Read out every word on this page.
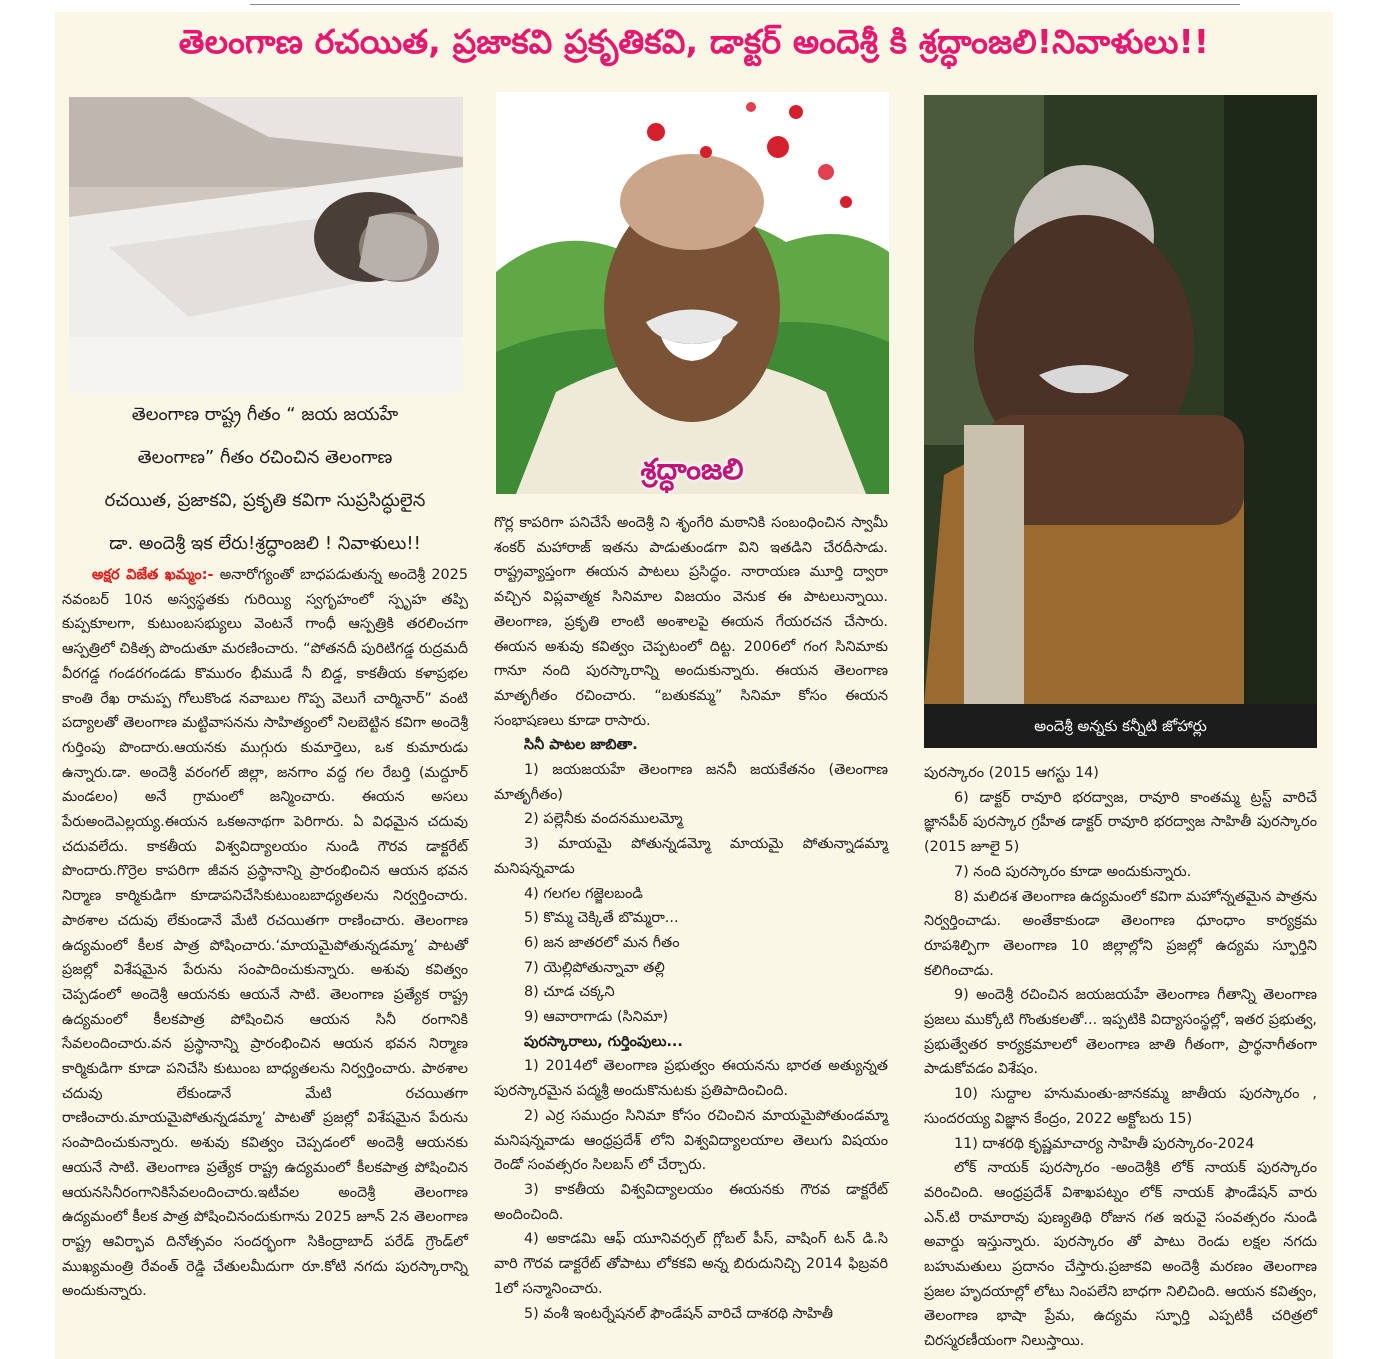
తెలంగాణ రచయిత, ప్రజాకవి ప్రకృతికవి, డాక్టర్ అందెశ్రీ కి శ్రద్ధాంజలి!నివాళులు!!
తెలంగాణ రాష్ట్ర గీతం “ జయ జయహే
తెలంగాణ” గీతం రచించిన తెలంగాణ
రచయిత, ప్రజాకవి, ప్రకృతి కవిగా సుప్రసిద్ధులైన
డా. అందెశ్రీ ఇక లేరు!శ్రద్ధాంజలి ! నివాళులు!!
శ్రద్ధాంజలి
అందెశ్రీ అన్నకు కన్నీటి జోహార్లు

అక్షర విజేత ఖమ్మం:- అనారోగ్యంతో బాధపడుతున్న అందెశ్రీ 2025 నవంబర్ 10న అస్వస్థతకు గురియ్యి స్వగృహంలో స్పృహ తప్పి కుప్పకూలగా, కుటుంబసభ్యులు వెంటనే గాంధీ ఆస్పత్రికి తరలించగా ఆస్పత్రిలో చికిత్స పొందుతూ మరణించారు. “పోతనదీ పురిటిగడ్డ రుద్రమదీ వీరగడ్డ గండరగండడు కొమురం భీముడే నీ బిడ్డ, కాకతీయ కళాప్రభల కాంతి రేఖ రామప్ప గోలుకొండ నవాబుల గొప్ప వెలుగే చార్మినార్” వంటి పద్యాలతో తెలంగాణ మట్టివాసనను సాహిత్యంలో నిలబెట్టిన కవిగా అందెశ్రీ గుర్తింపు పొందారు.ఆయనకు ముగ్గురు కుమార్తెలు, ఒక కుమారుడు ఉన్నారు.డా. అందెశ్రీ వరంగల్ జిల్లా, జనగాం వద్ద గల రేబర్తి (మద్దూర్ మండలం) అనే గ్రామంలో జన్మించారు. ఈయన అసలు పేరుఅందెఎల్లయ్య.ఈయన ఒకఅనాథగా పెరిగారు. ఏ విధమైన చదువు చదువలేదు. కాకతీయ విశ్వవిద్యాలయం నుండి గౌరవ డాక్టరేట్ పొందారు.గొర్రెల కాపరిగా జీవన ప్రస్థానాన్ని ప్రారంభించిన ఆయన భవన నిర్మాణ కార్మికుడిగా కూడాపనిచేసికుటుంబబాధ్యతలను నిర్వర్తించారు. పాఠశాల చదువు లేకుండానే మేటి రచయితగా రాణించారు. తెలంగాణ ఉద్యమంలో కీలక పాత్ర పోషించారు.‘మాయమైపోతున్నడమ్మా’ పాటతో ప్రజల్లో విశేషమైన పేరును సంపాదించుకున్నారు. అశువు కవిత్వం చెప్పడంలో అందెశ్రీ ఆయనకు ఆయనే సాటి. తెలంగాణ ప్రత్యేక రాష్ట్ర ఉద్యమంలో కీలకపాత్ర పోషించిన ఆయన సినీ రంగానికి సేవలందించారు.వన ప్రస్థానాన్ని ప్రారంభించిన ఆయన భవన నిర్మాణ కార్మికుడిగా కూడా పనిచేసి కుటుంబ బాధ్యతలను నిర్వర్తించారు. పాఠశాల చదువు లేకుండానే మేటి రచయితగా రాణించారు.మాయమైపోతున్నడమ్మా’ పాటతో ప్రజల్లో విశేషమైన పేరును సంపాదించుకున్నారు. అశువు కవిత్వం చెప్పడంలో అందెశ్రీ ఆయనకు ఆయనే సాటి. తెలంగాణ ప్రత్యేక రాష్ట్ర ఉద్యమంలో కీలకపాత్ర పోషించిన ఆయనసినీరంగానికిసేవలందించారు.ఇటీవల అందెశ్రీ తెలంగాణ ఉద్యమంలో కీలక పాత్ర పోషించినందుకుగాను 2025 జూన్ 2న తెలంగాణ రాష్ట్ర ఆవిర్భావ దినోత్సవం సందర్భంగా సికింద్రాబాద్ పరేడ్ గ్రౌండ్‌లో ముఖ్యమంత్రి రేవంత్ రెడ్డి చేతులమీదుగా రూ.కోటి నగదు పురస్కారాన్ని అందుకున్నారు.

గొర్ల కాపరిగా పనిచేసే అందెశ్రీ ని శృంగేరి మఠానికి సంబంధించిన స్వామీ శంకర్ మహారాజ్ ఇతను పాడుతుండగా విని ఇతడిని చేరదీసాడు. రాష్ట్రవ్యాప్తంగా ఈయన పాటలు ప్రసిద్ధం. నారాయణ మూర్తి ద్వారా వచ్చిన విప్లవాత్మక సినిమాల విజయం వెనుక ఈ పాటలున్నాయి. తెలంగాణ, ప్రకృతి లాంటి అంశాలపై ఈయన గేయరచన చేసారు. ఈయన అశువు కవిత్వం చెప్పటంలో దిట్ట. 2006లో గంగ సినిమాకు గానూ నంది పురస్కారాన్ని అందుకున్నారు. ఈయన తెలంగాణ మాతృగీతం రచించారు. “బతుకమ్మ” సినిమా కోసం ఈయన సంభాషణలు కూడా రాసారు.

సినీ పాటల జాబితా.

1) జయజయహే తెలంగాణ జననీ జయకేతనం (తెలంగాణ మాతృగీతం)

2) పల్లెనీకు వందనములమ్మో

3) మాయమై పోతున్నడమ్మో మాయమై పోతున్నాడమ్మా మనిషన్నవాడు

4) గలగల గజ్జెలబండి

5) కొమ్మ చెక్కితే బొమ్మరా...

6) జన జాతరలో మన గీతం

7) యెల్లిపోతున్నావా తల్లి

8) చూడ చక్కని

9) ఆవారాగాడు (సినిమా)

పురస్కారాలు, గుర్తింపులు...

1) 2014లో తెలంగాణ ప్రభుత్వం ఈయనను భారత అత్యున్నత పురస్కారమైన పద్మశ్రీ అందుకొనుటకు ప్రతిపాదించింది.

2) ఎర్ర సముద్రం సినిమా కోసం రచించిన మాయమైపోతుండమ్మా మనిషన్నవాడు ఆంధ్రప్రదేశ్ లోని విశ్వవిద్యాలయాల తెలుగు విషయం రెండో సంవత్సరం సిలబస్ లో చేర్చారు.

3) కాకతీయ విశ్వవిద్యాలయం ఈయనకు గౌరవ డాక్టరేట్ అందించింది.

4) అకాడమి ఆఫ్ యూనివర్సల్ గ్లోబల్ పీస్, వాషింగ్ టన్ డి.సి వారి గౌరవ డాక్టరేట్ తోపాటు లోకకవి అన్న బిరుదునిచ్చి 2014 ఫిబ్రవరి 1లో సన్మానించారు.

5) వంశీ ఇంటర్నేషనల్ ఫౌండేషన్ వారిచే దాశరథి సాహితీ

పురస్కారం (2015 ఆగస్టు 14)

6) డాక్టర్ రావూరి భరద్వాజ, రావూరి కాంతమ్మ ట్రస్ట్ వారిచే జ్ఞానపీఠ్ పురస్కార గ్రహీత డాక్టర్ రావూరి భరద్వాజ సాహితీ పురస్కారం (2015 జూలై 5)

7) నంది పురస్కారం కూడా అందుకున్నారు.

8) మలిదశ తెలంగాణ ఉద్యమంలో కవిగా మహోన్నతమైన పాత్రను నిర్వర్తించాడు. అంతేకాకుండా తెలంగాణ ధూంధాం కార్యక్రమ రూపశిల్పిగా తెలంగాణ 10 జిల్లాల్లోని ప్రజల్లో ఉద్యమ స్ఫూర్తిని కలిగించాడు.

9) అందెశ్రీ రచించిన జయజయహే తెలంగాణ గీతాన్ని తెలంగాణ ప్రజలు ముక్కోటి గొంతుకలతో... ఇప్పటికి విద్యాసంస్థల్లో, ఇతర ప్రభుత్వ, ప్రభుత్వేతర కార్యక్రమాలలో తెలంగాణ జాతి గీతంగా, ప్రార్థనాగీతంగా పాడుకోవడం విశేషం.

10) సుద్దాల హనుమంతు-జానకమ్మ జాతీయ పురస్కారం , సుందరయ్య విజ్ఞాన కేంద్రం, 2022 అక్టోబరు 15)

11) దాశరథి కృష్ణమాచార్య సాహితీ పురస్కారం-2024

లోక్ నాయక్ పురస్కారం -అందెశ్రీకి లోక్ నాయక్ పురస్కారం వరించింది. ఆంధ్రప్రదేశ్ విశాఖపట్నం లోక్ నాయక్ ఫౌండేషన్ వారు ఎన్.టి రామారావు పుణ్యతిథి రోజున గత ఇరువై సంవత్సరం నుండి అవార్డు ఇస్తున్నారు. పురస్కారం తో పాటు రెండు లక్షల నగదు బహుమతులు ప్రదానం చేస్తారు.ప్రజాకవి అందెశ్రీ మరణం తెలంగాణ ప్రజల హృదయాల్లో లోటు నింపలేని బాధగా నిలిచింది. ఆయన కవిత్వం, తెలంగాణ భాషా ప్రేమ, ఉద్యమ స్ఫూర్తి ఎప్పటికీ చరిత్రలో చిరస్మరణీయంగా నిలుస్తాయి.
